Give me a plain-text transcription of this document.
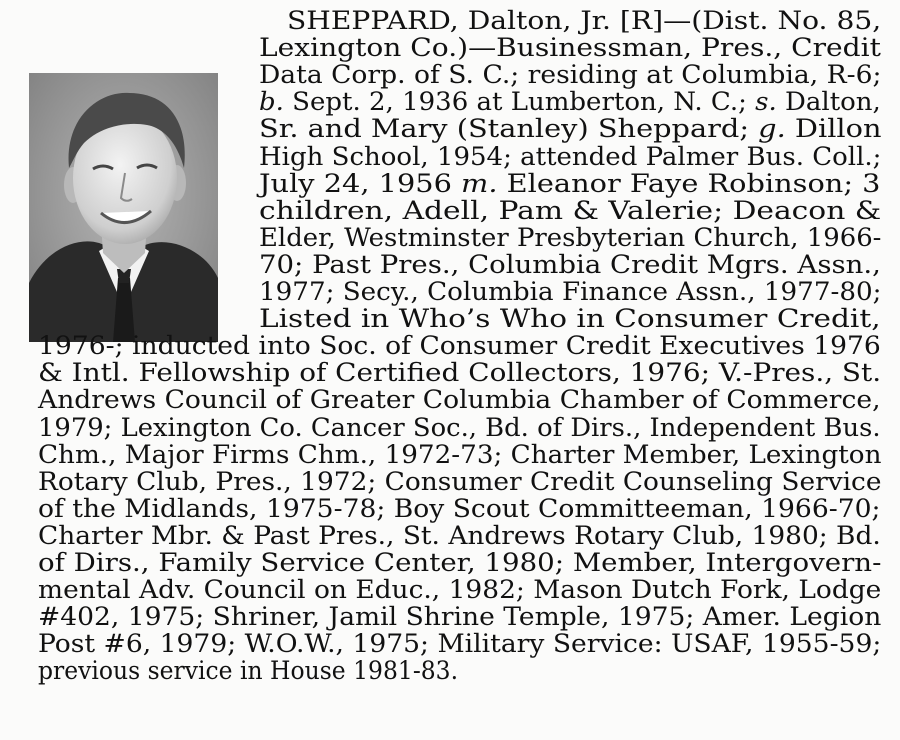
SHEPPARD, Dalton, Jr. [R]—(Dist. No. 85,
Lexington Co.)—Businessman, Pres., Credit
Data Corp. of S. C.; residing at Columbia, R-6;
b. Sept. 2, 1936 at Lumberton, N. C.; s. Dalton,
Sr. and Mary (Stanley) Sheppard; g. Dillon
High School, 1954; attended Palmer Bus. Coll.;
July 24, 1956 m. Eleanor Faye Robinson; 3
children, Adell, Pam & Valerie; Deacon &
Elder, Westminster Presbyterian Church, 1966-
70; Past Pres., Columbia Credit Mgrs. Assn.,
1977; Secy., Columbia Finance Assn., 1977-80;
Listed in Who’s Who in Consumer Credit,
1976-; inducted into Soc. of Consumer Credit Executives 1976
& Intl. Fellowship of Certified Collectors, 1976; V.-Pres., St.
Andrews Council of Greater Columbia Chamber of Commerce,
1979; Lexington Co. Cancer Soc., Bd. of Dirs., Independent Bus.
Chm., Major Firms Chm., 1972-73; Charter Member, Lexington
Rotary Club, Pres., 1972; Consumer Credit Counseling Service
of the Midlands, 1975-78; Boy Scout Committeeman, 1966-70;
Charter Mbr. & Past Pres., St. Andrews Rotary Club, 1980; Bd.
of Dirs., Family Service Center, 1980; Member, Intergovern-
mental Adv. Council on Educ., 1982; Mason Dutch Fork, Lodge
#402, 1975; Shriner, Jamil Shrine Temple, 1975; Amer. Legion
Post #6, 1979; W.O.W., 1975; Military Service: USAF, 1955-59;
previous service in House 1981-83.
